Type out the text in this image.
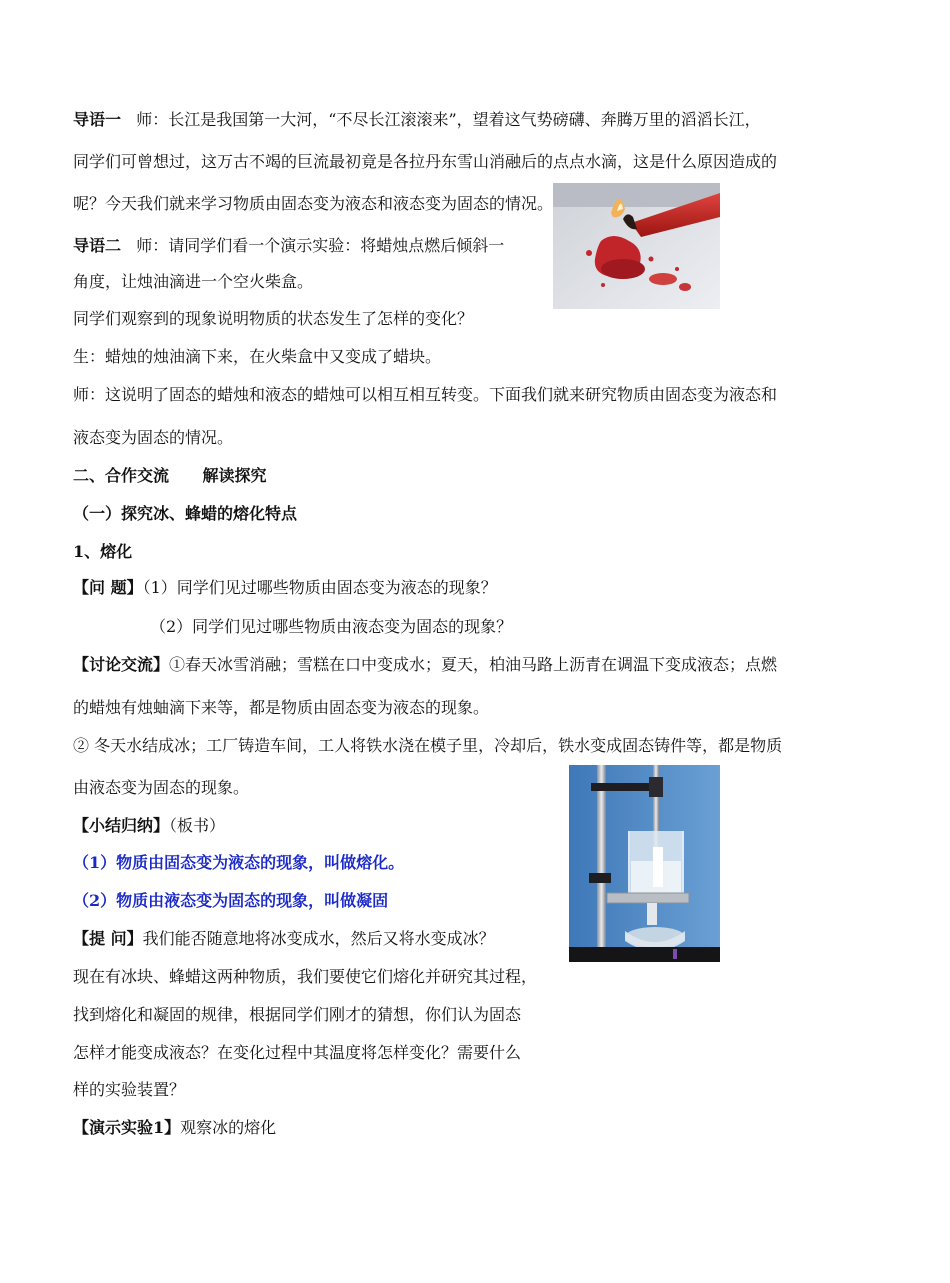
导语一 师：长江是我国第一大河，“不尽长江滚滚来”，望着这气势磅礴、奔腾万里的滔滔长江，
同学们可曾想过，这万古不竭的巨流最初竟是各拉丹东雪山消融后的点点水滴，这是什么原因造成的
呢？今天我们就来学习物质由固态变为液态和液态变为固态的情况。
导语二 师：请同学们看一个演示实验：将蜡烛点燃后倾斜一
角度，让烛油滴进一个空火柴盒。
同学们观察到的现象说明物质的状态发生了怎样的变化？
生：蜡烛的烛油滴下来，在火柴盒中又变成了蜡块。
师：这说明了固态的蜡烛和液态的蜡烛可以相互相互转变。下面我们就来研究物质由固态变为液态和
液态变为固态的情况。
二、合作交流 解读探究
（一）探究冰、蜂蜡的熔化特点
1、熔化
【问 题】（1）同学们见过哪些物质由固态变为液态的现象？
（2）同学们见过哪些物质由液态变为固态的现象？
【讨论交流】①春天冰雪消融；雪糕在口中变成水；夏天，柏油马路上沥青在调温下变成液态；点燃
的蜡烛有烛蚰滴下来等，都是物质由固态变为液态的现象。
② 冬天水结成冰；工厂铸造车间，工人将铁水浇在模子里，冷却后，铁水变成固态铸件等，都是物质
由液态变为固态的现象。
【小结归纳】（板书）
（1）物质由固态变为液态的现象，叫做熔化。
（2）物质由液态变为固态的现象，叫做凝固
【提 问】我们能否随意地将冰变成水，然后又将水变成冰？
现在有冰块、蜂蜡这两种物质，我们要使它们熔化并研究其过程，
找到熔化和凝固的规律，根据同学们刚才的猜想，你们认为固态
怎样才能变成液态？在变化过程中其温度将怎样变化？需要什么
样的实验装置？
【演示实验1】观察冰的熔化
